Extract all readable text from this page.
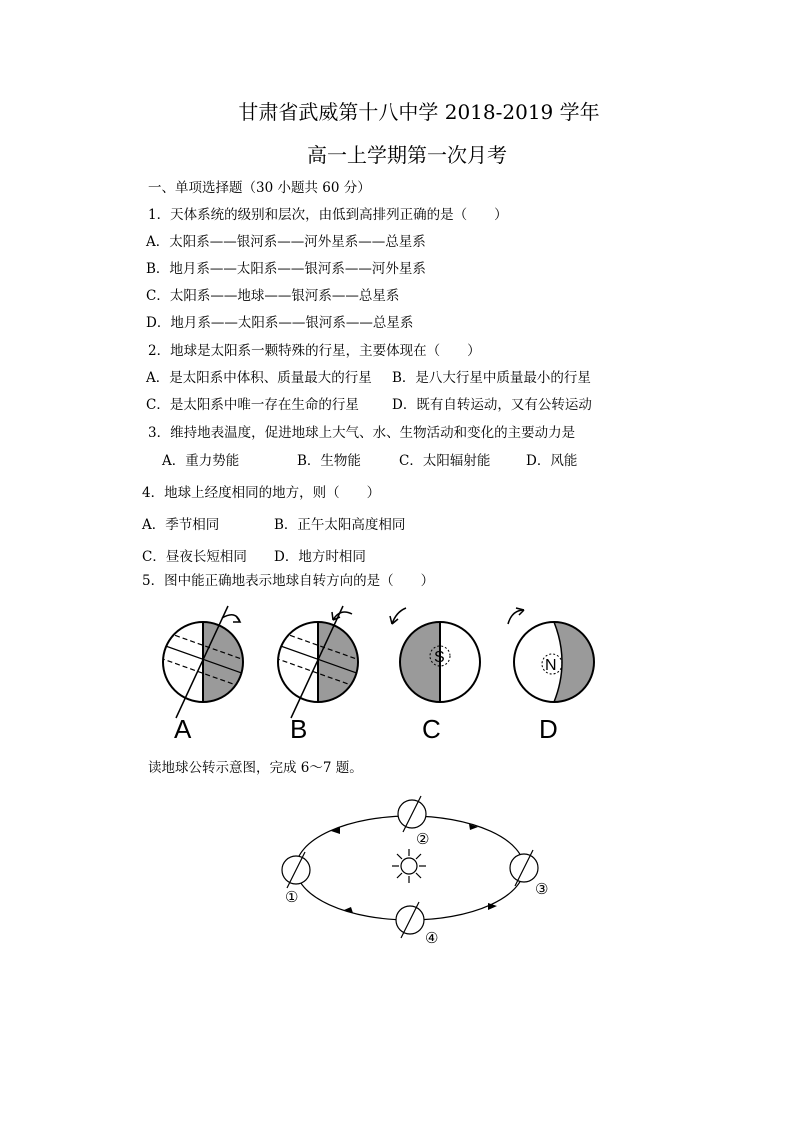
甘肃省武威第十八中学 2018-2019 学年
高一上学期第一次月考
一、单项选择题（30 小题共 60 分）
1．天体系统的级别和层次，由低到高排列正确的是（　　）
A．太阳系——银河系——河外星系——总星系
B．地月系——太阳系——银河系——河外星系
C．太阳系——地球——银河系——总星系
D．地月系——太阳系——银河系——总星系
2．地球是太阳系一颗特殊的行星，主要体现在（　　）
A．是太阳系中体积、质量最大的行星 B．是八大行星中质量最小的行星
C．是太阳系中唯一存在生命的行星 D．既有自转运动，又有公转运动
3．维持地表温度，促进地球上大气、水、生物活动和变化的主要动力是
A．重力势能	B．生物能	C．太阳辐射能	D．风能
4．地球上经度相同的地方，则（　　）
A．季节相同	B．正午太阳高度相同
C．昼夜长短相同 D．地方时相同
5．图中能正确地表示地球自转方向的是（　　）
A	B
S
C
N
D
读地球公转示意图，完成 6～7 题。
①
②
③
④
